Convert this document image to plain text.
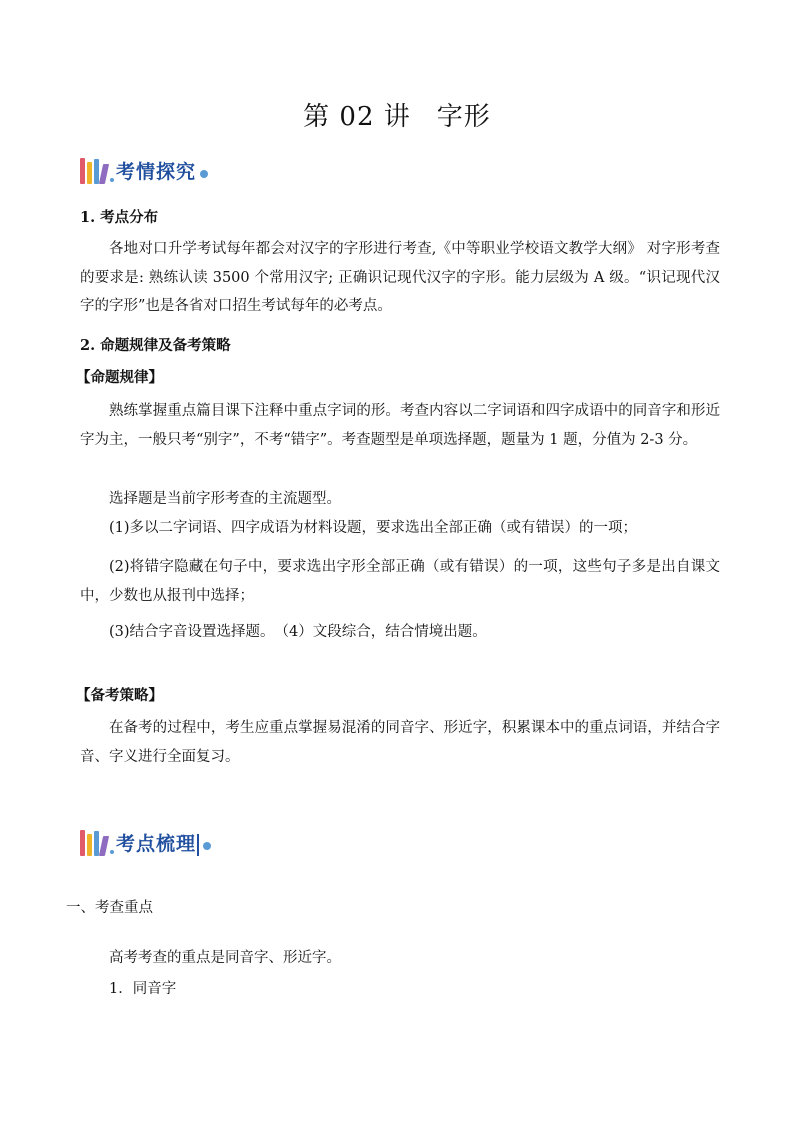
第 02 讲 字形
考情探究
1. 考点分布
各地对口升学考试每年都会对汉字的字形进行考查,《中等职业学校语文教学大纲》 对字形考查的要求是: 熟练认读 3500 个常用汉字; 正确识记现代汉字的字形。能力层级为 A 级。“识记现代汉字的字形”也是各省对口招生考试每年的必考点。
2. 命题规律及备考策略
【命题规律】
熟练掌握重点篇目课下注释中重点字词的形。考查内容以二字词语和四字成语中的同音字和形近字为主，一般只考“别字”，不考“错字”。考查题型是单项选择题，题量为 1 题，分值为 2-3 分。
选择题是当前字形考查的主流题型。
(1)多以二字词语、四字成语为材料设题，要求选出全部正确（或有错误）的一项；
(2)将错字隐藏在句子中，要求选出字形全部正确（或有错误）的一项，这些句子多是出自课文中，少数也从报刊中选择；
(3)结合字音设置选择题。　（4）文段综合，结合情境出题。
【备考策略】
在备考的过程中，考生应重点掌握易混淆的同音字、形近字，积累课本中的重点词语，并结合字音、字义进行全面复习。
考点梳理
一、考查重点
高考考查的重点是同音字、形近字。
1．同音字
